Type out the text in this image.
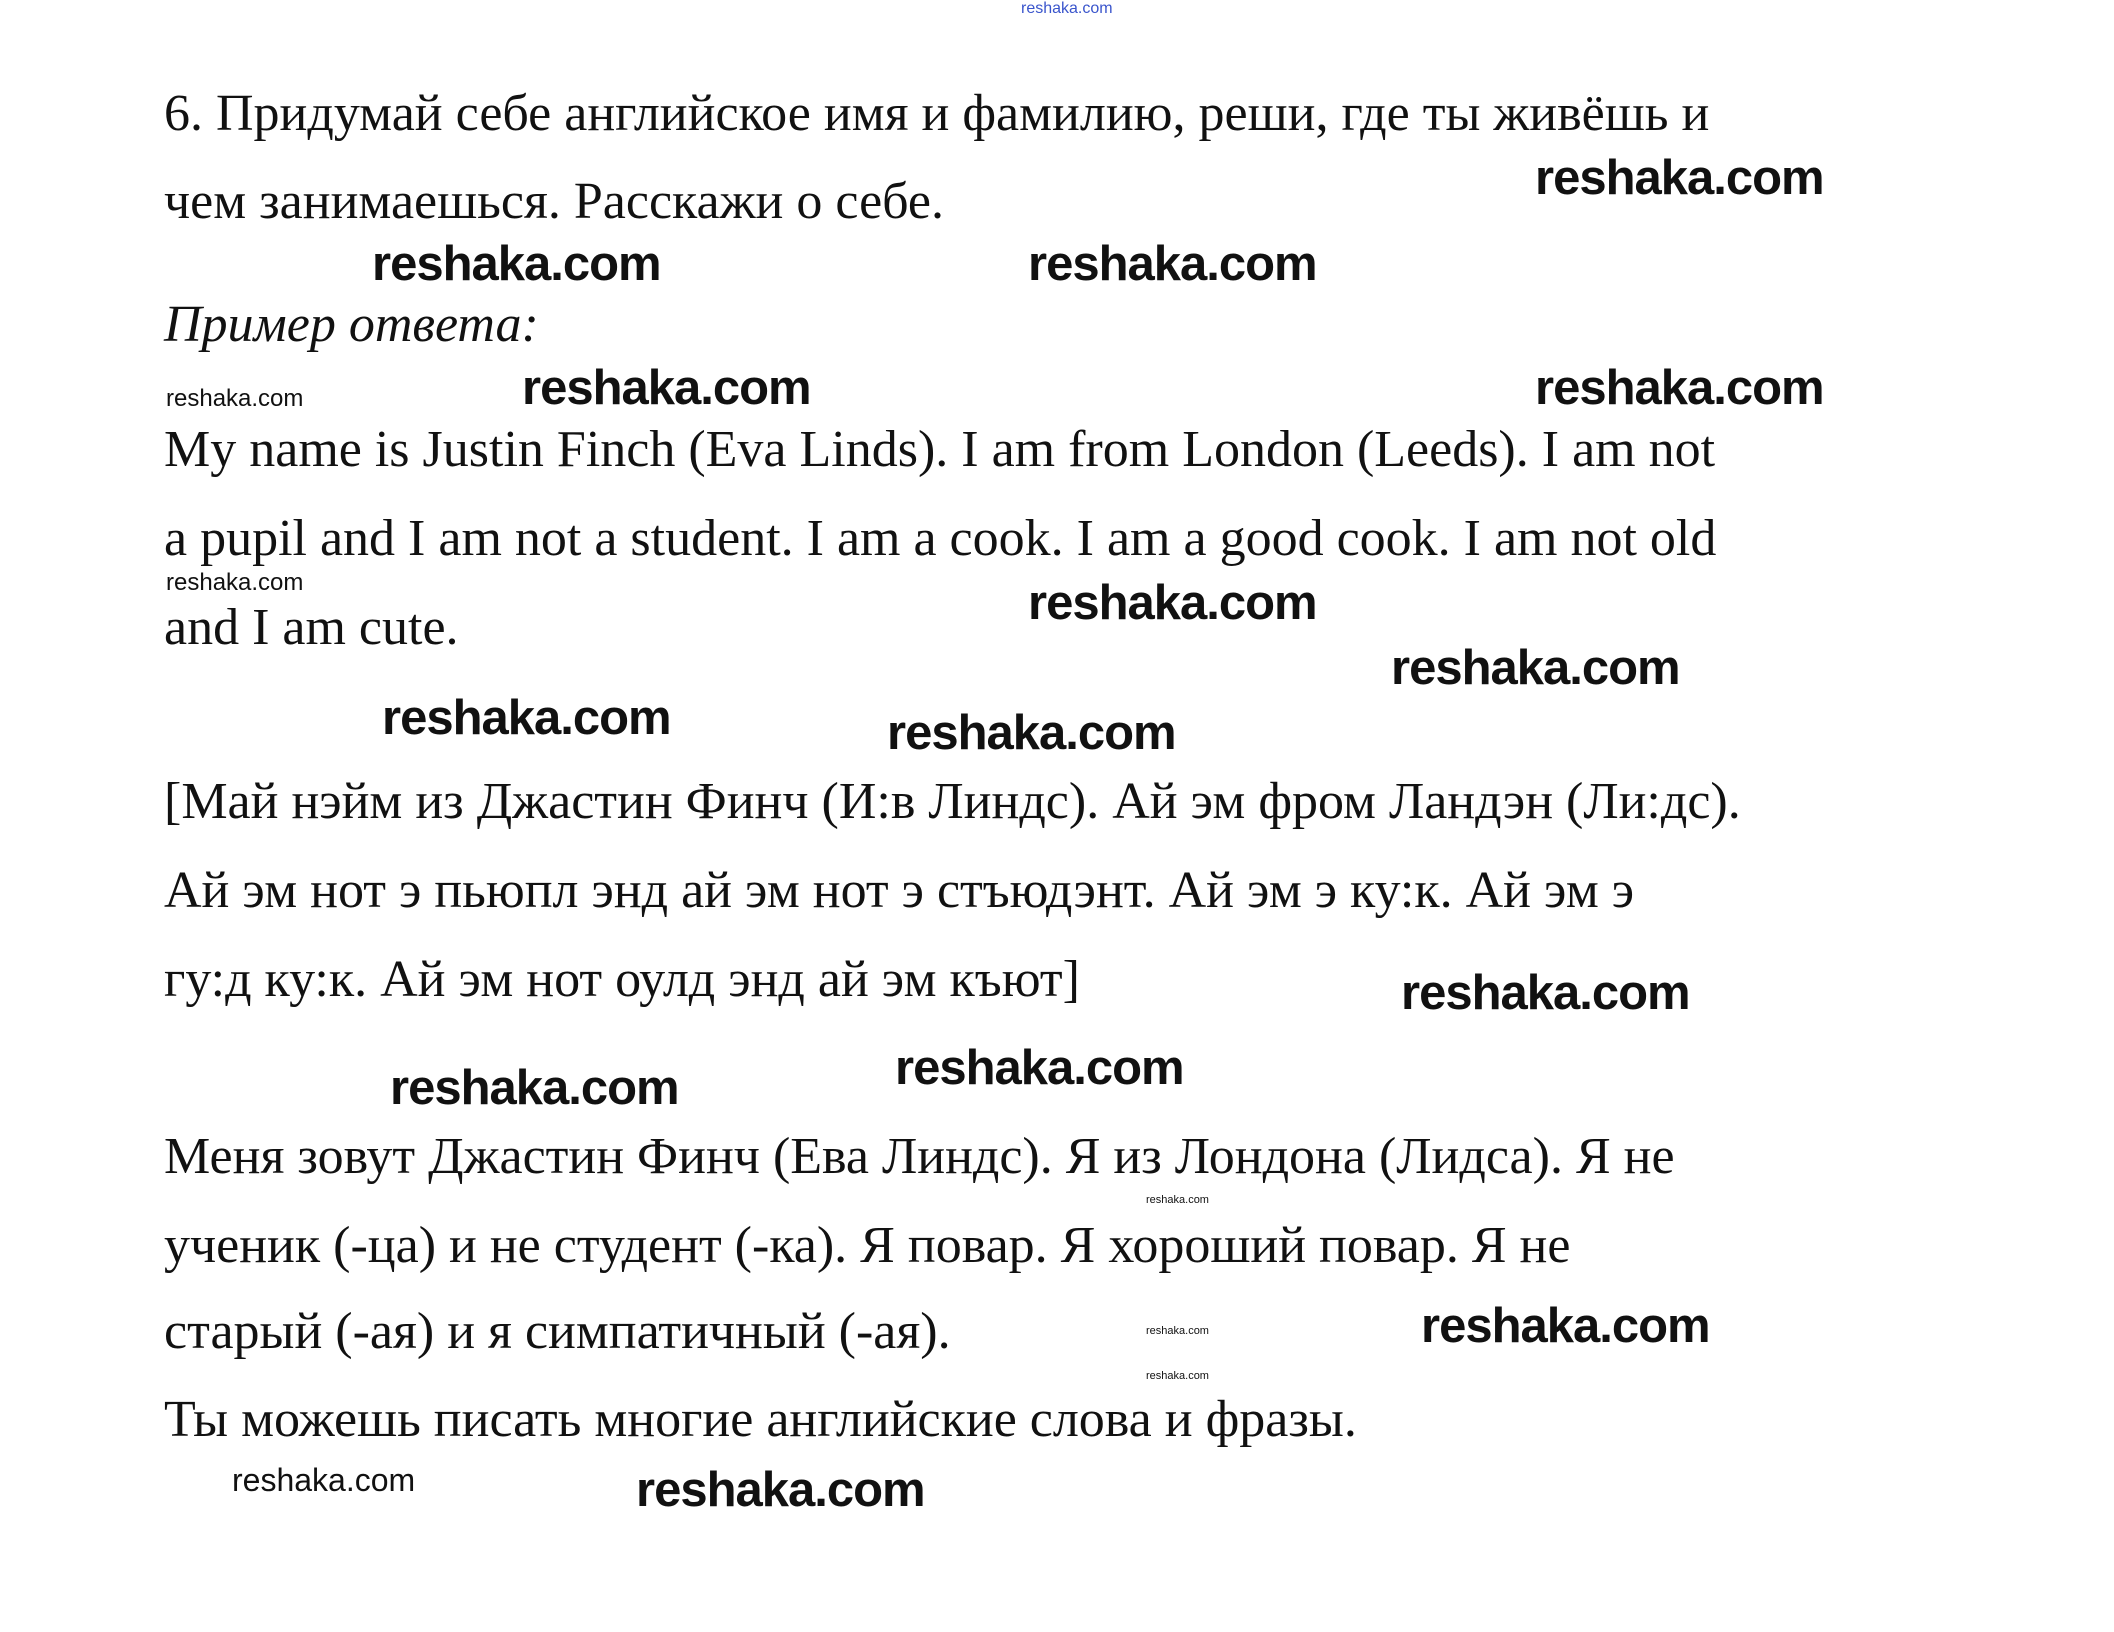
reshaka.com
6. Придумай себе английское имя и фамилию, реши, где ты живёшь и
чем занимаешься. Расскажи о себе.
Пример ответа:
My name is Justin Finch (Eva Linds). I am from London (Leeds). I am not
a pupil and I am not a student. I am a cook. I am a good cook. I am not old
and I am cute.
[Май нэйм из Джастин Финч (И:в Линдс). Ай эм фром Ландэн (Ли:дс).
Ай эм нот э пьюпл энд ай эм нот э стъюдэнт. Ай эм э ку:к. Ай эм э
гу:д ку:к. Ай эм нот оулд энд ай эм къют]
Меня зовут Джастин Финч (Ева Линдс). Я из Лондона (Лидса). Я не
ученик (-ца) и не студент (-ка). Я повар. Я хороший повар. Я не
старый (-ая) и я симпатичный (-ая).
Ты можешь писать многие английские слова и фразы.
reshaka.com
reshaka.com
reshaka.com
reshaka.com	reshaka.com
reshaka.com
reshaka.com
reshaka.com
reshaka.com
reshaka.com
reshaka.com
reshaka.com
reshaka.com
reshaka.com
reshaka.com
reshaka.com
reshaka.com
reshaka.com
reshaka.com
reshaka.com
